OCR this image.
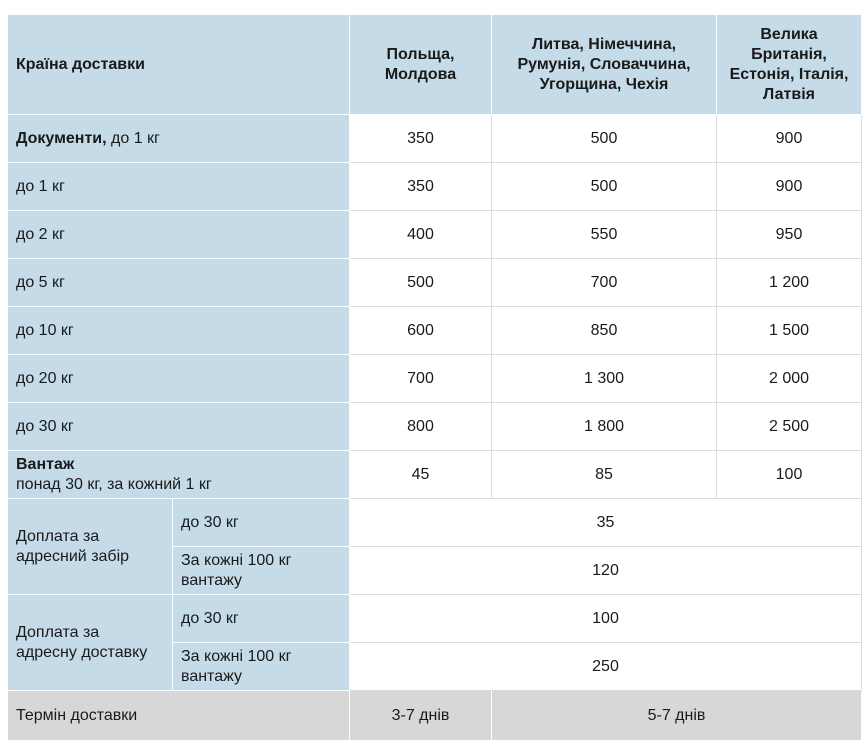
Країна доставки		Польща, Молдова	Литва, Німеччина, Румунія, Словаччина, Угорщина, Чехія	Велика Британія, Естонія, Італія, Латвія
Документи, до 1 кг		350	500	900
до 1 кг		350	500	900
до 2 кг		400	550	950
до 5 кг		500	700	1 200
до 10 кг		600	850	1 500
до 20 кг		700	1 300	2 000
до 30 кг		800	1 800	2 500
Вантаж
понад 30 кг, за кожний 1 кг		45	85	100
Доплата за адресний забір	до 30 кг	35		
	За кожні 100 кг вантажу	120		
Доплата за адресну доставку	до 30 кг	100		
	За кожні 100 кг вантажу	250		
Термін доставки		3-7 днів	5-7 днів	
